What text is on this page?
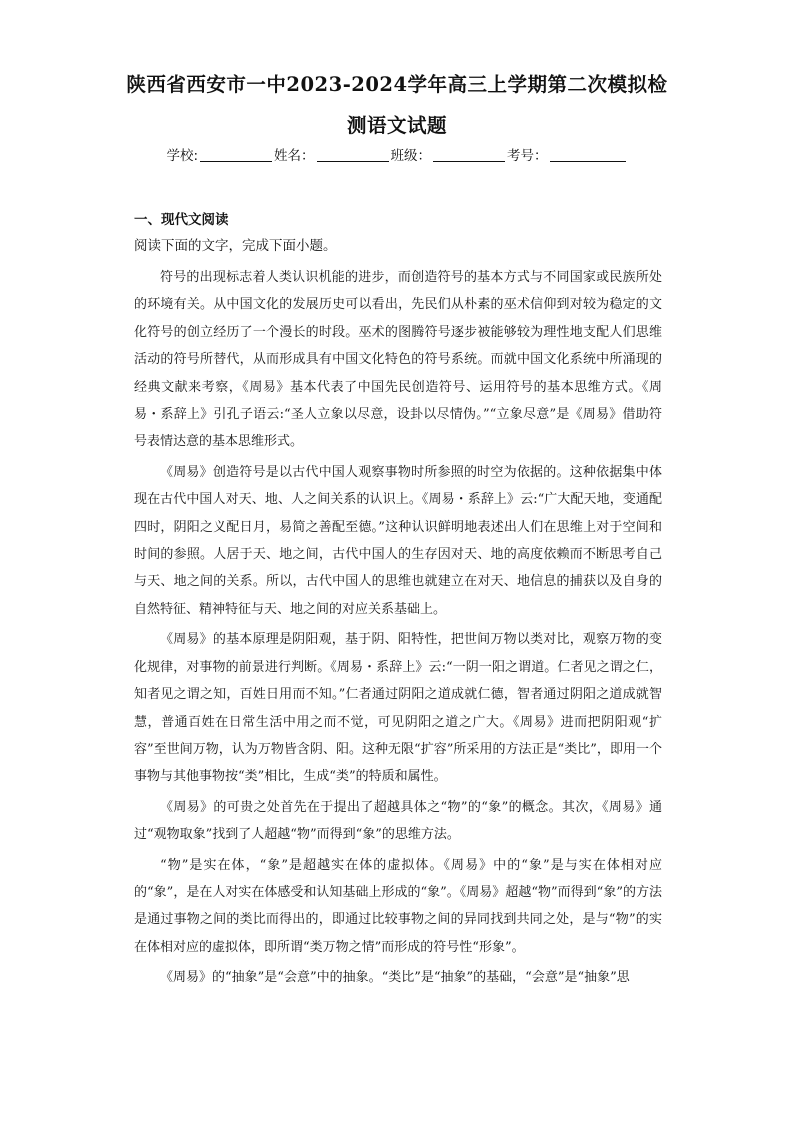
陕西省西安市一中2023-2024学年高三上学期第二次模拟检
测语文试题
学校:	姓名：	班级：	考号：
一、现代文阅读
阅读下面的文字，完成下面小题。

符号的出现标志着人类认识机能的进步，而创造符号的基本方式与不同国家或民族所处的环境有关。从中国文化的发展历史可以看出，先民们从朴素的巫术信仰到对较为稳定的文化符号的创立经历了一个漫长的时段。巫术的图腾符号逐步被能够较为理性地支配人们思维活动的符号所替代，从而形成具有中国文化特色的符号系统。而就中国文化系统中所涌现的经典文献来考察，《周易》基本代表了中国先民创造符号、运用符号的基本思维方式。《周易・系辞上》引孔子语云:“圣人立象以尽意，设卦以尽情伪。”“立象尽意”是《周易》借助符号表情达意的基本思维形式。

《周易》创造符号是以古代中国人观察事物时所参照的时空为依据的。这种依据集中体现在古代中国人对天、地、人之间关系的认识上。《周易・系辞上》云:“广大配天地，变通配四时，阴阳之义配日月，易简之善配至德。”这种认识鲜明地表述出人们在思维上对于空间和时间的参照。人居于天、地之间，古代中国人的生存因对天、地的高度依赖而不断思考自己与天、地之间的关系。所以，古代中国人的思维也就建立在对天、地信息的捕获以及自身的自然特征、精神特征与天、地之间的对应关系基础上。

《周易》的基本原理是阴阳观，基于阴、阳特性，把世间万物以类对比，观察万物的变化规律，对事物的前景进行判断。《周易・系辞上》云:“一阴一阳之谓道。仁者见之谓之仁，知者见之谓之知，百姓日用而不知。”仁者通过阴阳之道成就仁德，智者通过阴阳之道成就智慧，普通百姓在日常生活中用之而不觉，可见阴阳之道之广大。《周易》进而把阴阳观“扩容”至世间万物，认为万物皆含阴、阳。这种无限“扩容”所采用的方法正是“类比”，即用一个事物与其他事物按“类”相比，生成“类”的特质和属性。

《周易》的可贵之处首先在于提出了超越具体之“物”的“象”的概念。其次，《周易》通过“观物取象”找到了人超越“物”而得到“象”的思维方法。

“物”是实在体，“象”是超越实在体的虚拟体。《周易》中的“象”是与实在体相对应的“象”，是在人对实在体感受和认知基础上形成的“象”。《周易》超越“物”而得到“象”的方法是通过事物之间的类比而得出的，即通过比较事物之间的异同找到共同之处，是与“物”的实在体相对应的虚拟体，即所谓“类万物之情”而形成的符号性“形象”。

《周易》的“抽象”是“会意”中的抽象。“类比”是“抽象”的基础，“会意”是“抽象”思
